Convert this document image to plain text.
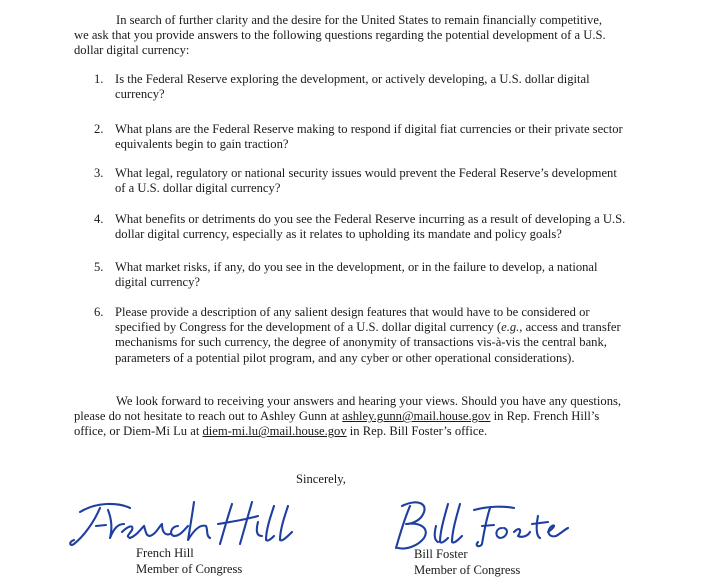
In search of further clarity and the desire for the United States to remain financially competitive, we ask that you provide answers to the following questions regarding the potential development of a U.S. dollar digital currency:

1. Is the Federal Reserve exploring the development, or actively developing, a U.S. dollar digital currency?
2. What plans are the Federal Reserve making to respond if digital fiat currencies or their private sector equivalents begin to gain traction?
3. What legal, regulatory or national security issues would prevent the Federal Reserve’s development of a U.S. dollar digital currency?
4. What benefits or detriments do you see the Federal Reserve incurring as a result of developing a U.S. dollar digital currency, especially as it relates to upholding its mandate and policy goals?
5. What market risks, if any, do you see in the development, or in the failure to develop, a national digital currency?
6. Please provide a description of any salient design features that would have to be considered or specified by Congress for the development of a U.S. dollar digital currency (e.g., access and transfer mechanisms for such currency, the degree of anonymity of transactions vis-à-vis the central bank, parameters of a potential pilot program, and any cyber or other operational considerations).

We look forward to receiving your answers and hearing your views. Should you have any questions, please do not hesitate to reach out to Ashley Gunn at ashley.gunn@mail.house.gov in Rep. French Hill’s office, or Diem-Mi Lu at diem-mi.lu@mail.house.gov in Rep. Bill Foster’s office.

Sincerely,
French Hill
Member of Congress
Bill Foster
Member of Congress
